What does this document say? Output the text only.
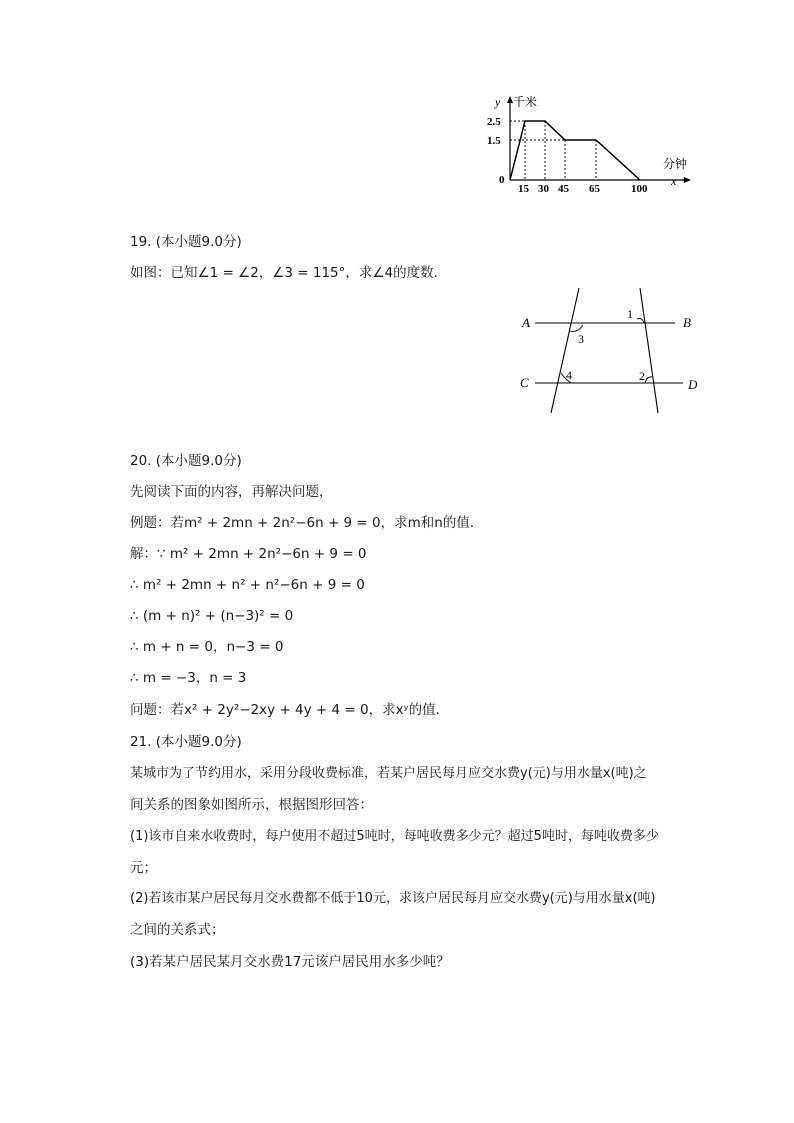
y 千米
2.5
1.5
0
15 30 45 65	100
分钟
x
19. (本小题9.0分)
如图：已知∠1 = ∠2，∠3 = 115°，求∠4的度数．
A	B
C	D
1
3
4	2
20. (本小题9.0分)
先阅读下面的内容，再解决问题，
例题：若m² + 2mn + 2n²−6n + 9 = 0，求m和n的值．
解：∵ m² + 2mn + 2n²−6n + 9 = 0
∴ m² + 2mn + n² + n²−6n + 9 = 0
∴ (m + n)² + (n−3)² = 0
∴ m + n = 0，n−3 = 0
∴ m = −3，n = 3
问题：若x² + 2y²−2xy + 4y + 4 = 0，求xʸ的值．
21. (本小题9.0分)
某城市为了节约用水，采用分段收费标准，若某户居民每月应交水费y(元)与用水量x(吨)之
间关系的图象如图所示，根据图形回答：
(1)该市自来水收费时，每户使用不超过5吨时，每吨收费多少元？超过5吨时，每吨收费多少
元；
(2)若该市某户居民每月交水费都不低于10元，求该户居民每月应交水费y(元)与用水量x(吨)
之间的关系式；
(3)若某户居民某月交水费17元该户居民用水多少吨？
